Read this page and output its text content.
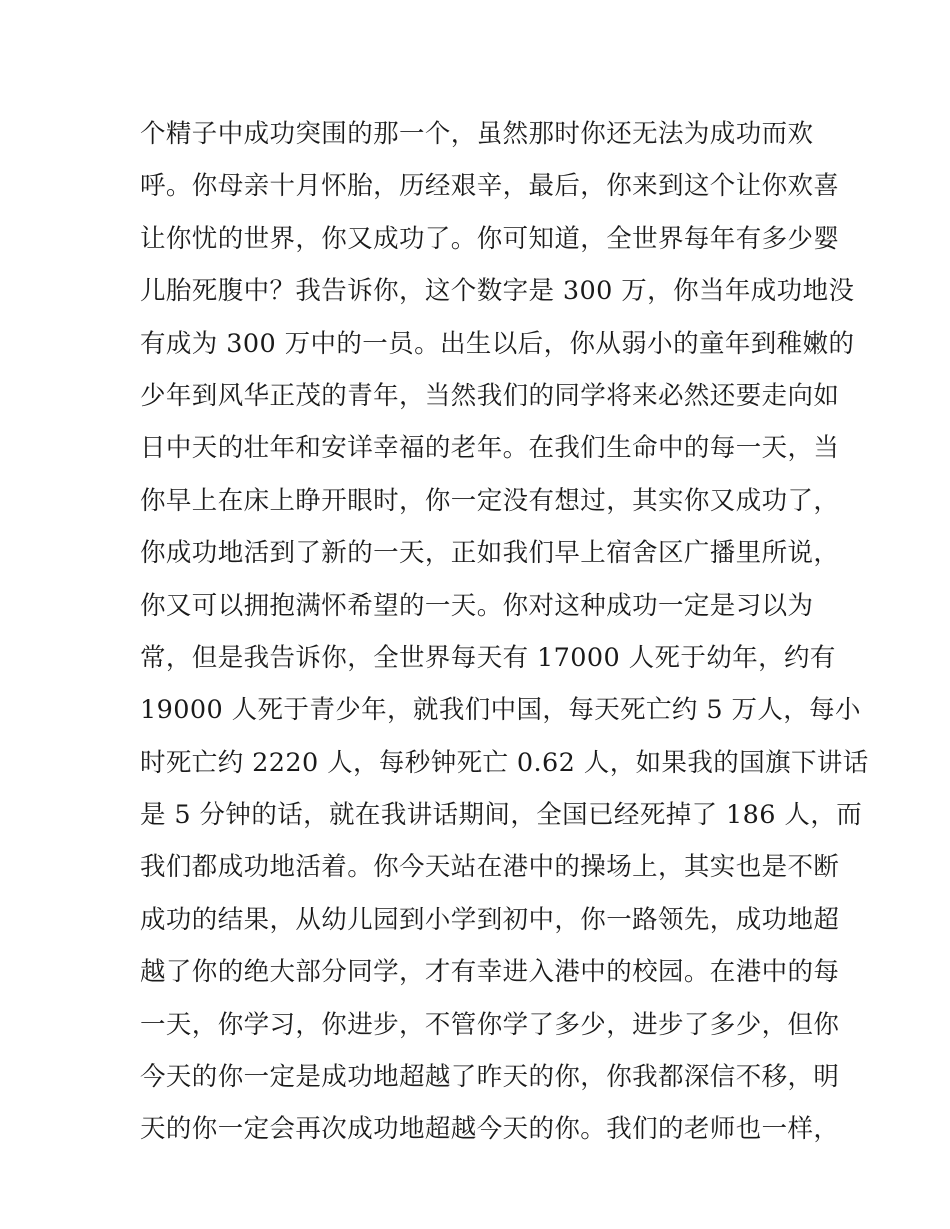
个精子中成功突围的那一个，虽然那时你还无法为成功而欢
呼。你母亲十月怀胎，历经艰辛，最后，你来到这个让你欢喜
让你忧的世界，你又成功了。你可知道，全世界每年有多少婴
儿胎死腹中？我告诉你，这个数字是 300 万，你当年成功地没
有成为 300 万中的一员。出生以后，你从弱小的童年到稚嫩的
少年到风华正茂的青年，当然我们的同学将来必然还要走向如
日中天的壮年和安详幸福的老年。在我们生命中的每一天，当
你早上在床上睁开眼时，你一定没有想过，其实你又成功了，
你成功地活到了新的一天，正如我们早上宿舍区广播里所说，
你又可以拥抱满怀希望的一天。你对这种成功一定是习以为
常，但是我告诉你，全世界每天有 17000 人死于幼年，约有
19000 人死于青少年，就我们中国，每天死亡约 5 万人，每小
时死亡约 2220 人，每秒钟死亡 0.62 人，如果我的国旗下讲话
是 5 分钟的话，就在我讲话期间，全国已经死掉了 186 人，而
我们都成功地活着。你今天站在港中的操场上，其实也是不断
成功的结果，从幼儿园到小学到初中，你一路领先，成功地超
越了你的绝大部分同学，才有幸进入港中的校园。在港中的每
一天，你学习，你进步，不管你学了多少，进步了多少，但你
今天的你一定是成功地超越了昨天的你，你我都深信不移，明
天的你一定会再次成功地超越今天的你。我们的老师也一样，
